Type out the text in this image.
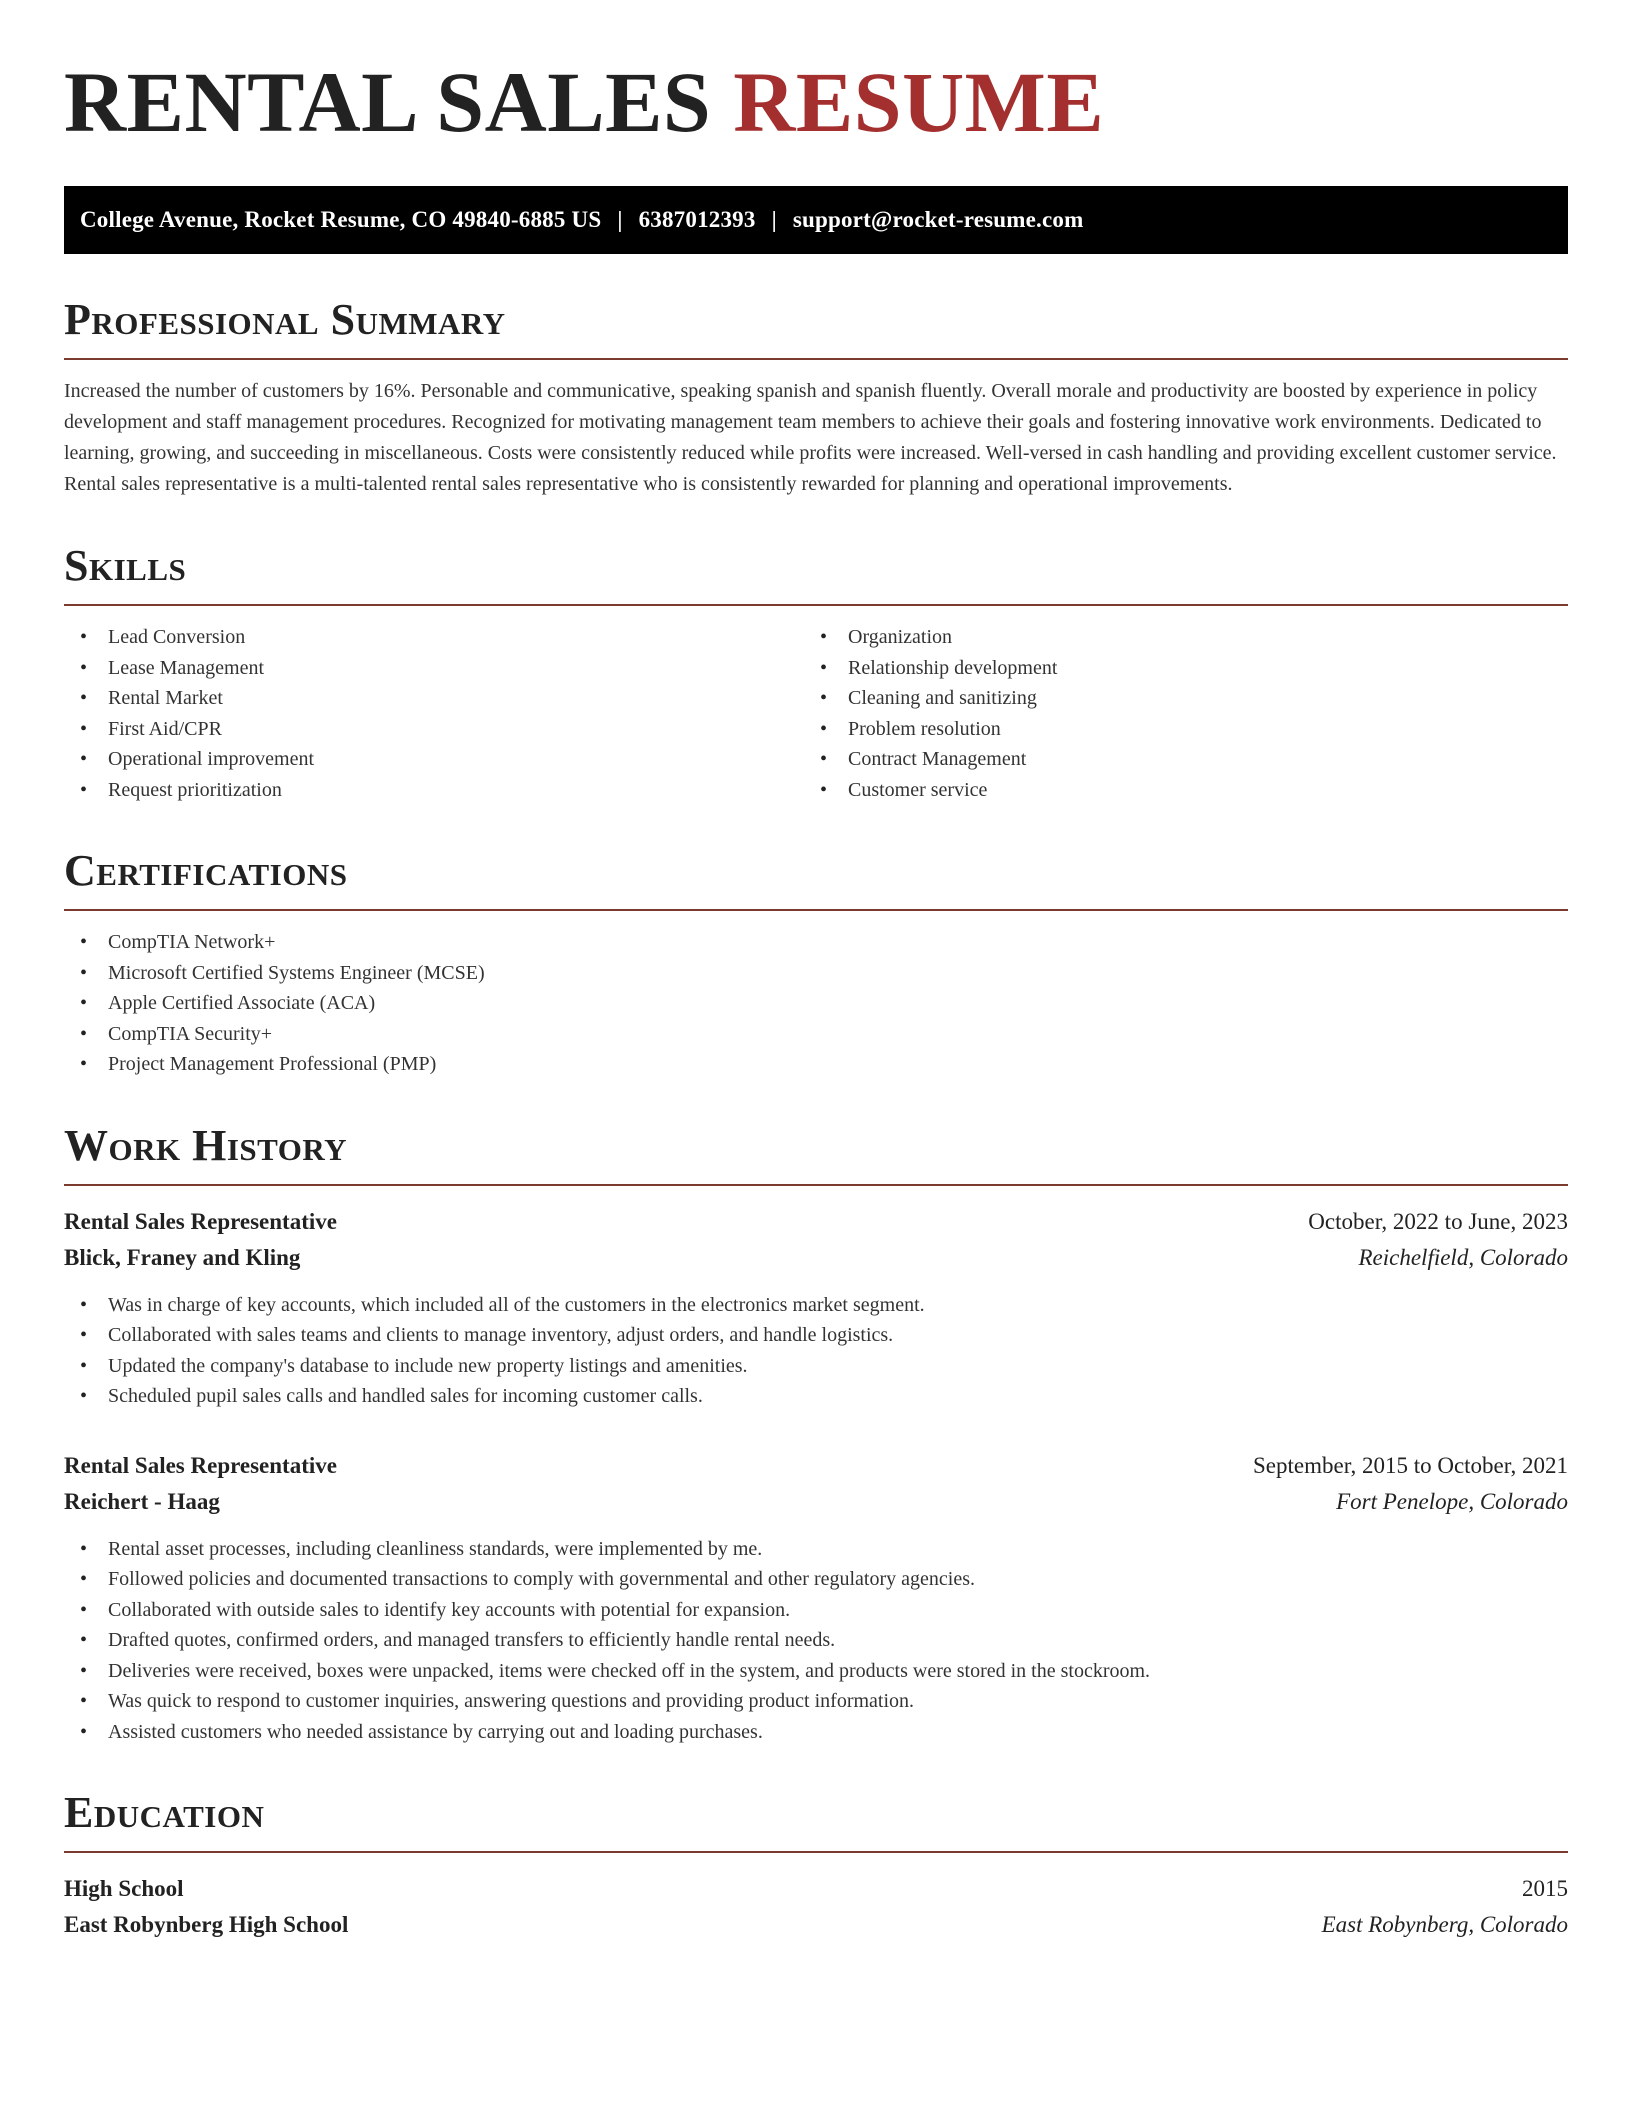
RENTAL SALES RESUME
College Avenue, Rocket Resume, CO 49840-6885 US | 6387012393 | support@rocket-resume.com
Professional Summary

Increased the number of customers by 16%. Personable and communicative, speaking spanish and spanish fluently. Overall morale and productivity are boosted by experience in policy development and staff management procedures. Recognized for motivating management team members to achieve their goals and fostering innovative work environments. Dedicated to learning, growing, and succeeding in miscellaneous. Costs were consistently reduced while profits were increased. Well-versed in cash handling and providing excellent customer service. Rental sales representative is a multi-talented rental sales representative who is consistently rewarded for planning and operational improvements.

Skills
• Lead Conversion
• Lease Management
• Rental Market
• First Aid/CPR
• Operational improvement
• Request prioritization
• Organization
• Relationship development
• Cleaning and sanitizing
• Problem resolution
• Contract Management
• Customer service
Certifications
• CompTIA Network+
• Microsoft Certified Systems Engineer (MCSE)
• Apple Certified Associate (ACA)
• CompTIA Security+
• Project Management Professional (PMP)
Work History
Rental Sales Representative	October, 2022 to June, 2023
Blick, Franey and Kling	Reichelfield, Colorado
• Was in charge of key accounts, which included all of the customers in the electronics market segment.
• Collaborated with sales teams and clients to manage inventory, adjust orders, and handle logistics.
• Updated the company's database to include new property listings and amenities.
• Scheduled pupil sales calls and handled sales for incoming customer calls.
Rental Sales Representative	September, 2015 to October, 2021
Reichert - Haag	Fort Penelope, Colorado
• Rental asset processes, including cleanliness standards, were implemented by me.
• Followed policies and documented transactions to comply with governmental and other regulatory agencies.
• Collaborated with outside sales to identify key accounts with potential for expansion.
• Drafted quotes, confirmed orders, and managed transfers to efficiently handle rental needs.
• Deliveries were received, boxes were unpacked, items were checked off in the system, and products were stored in the stockroom.
• Was quick to respond to customer inquiries, answering questions and providing product information.
• Assisted customers who needed assistance by carrying out and loading purchases.
Education
High School	2015
East Robynberg High School	East Robynberg, Colorado
